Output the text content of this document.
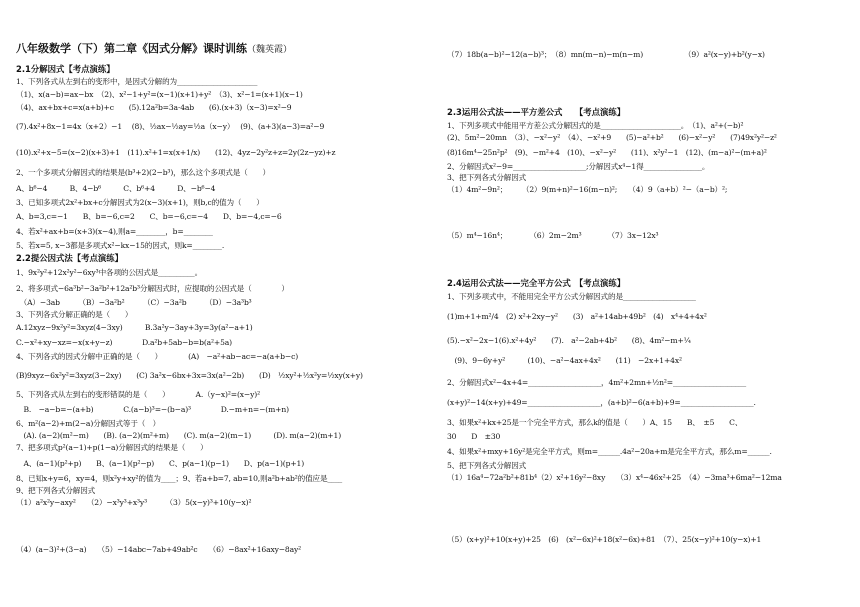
八年级数学（下）第二章《因式分解》课时训练（魏英霞）
2.1分解因式【考点演练】
1、下列各式从左到右的变形中，是因式分解的为______________________
（1)、x(a−b)=ax−bx　（2)、x²−1+y²=(x−1)(x+1)+y²　（3)、x²−1=(x+1)(x−1)
（4)、ax+bx+c=x(a+b)+c　　(5).12a²b=3a·4ab　　(6).(x+3)（x−3)=x²−9
(7).4x²+8x−1=4x（x+2）−1　 (8)、½ax−½ay=½a（x−y）　 (9)、(a+3)(a−3)=a²−9
(10).x²+x−5=(x−2)(x+3)+1　(11).x²+1=x(x+1/x)　　(12)、4yz−2y²z+z=2y(2z−yz)+z
2、一个多项式分解因式的结果是(b³+2)(2−b³)，那么这个多项式是（　　）
A、b⁶−4　　　B、4−b⁶　　　C、b⁶+4　　　D、−b⁶−4
3、已知多项式2x²+bx+c分解因式为2(x−3)(x+1)，则b,c的值为（　　）
A、b=3,c=−1　　B、b=−6,c=2　　C、b=−6,c=−4　　D、b=−4,c=−6
4、若x²+ax+b=(x+3)(x−4),则a=________，b=________
5、若x=5, x−3都是多项式x²−kx−15的因式，则k=________.
2.2提公因式法【考点演练】
1、9x²y²+12x²y²−6xy³中各项的公因式是__________。
2、将多项式−6a³b²−3a²b²+12a²b³分解因式时，应提取的公因式是（　　　　）
　（A）−3ab　　　（B）−3a²b²　　　（C）−3a²b　　　（D）−3a³b³
3、下列各式分解正确的是（　　）
A.12xyz−9x²y²=3xyz(4−3xy)　　　B.3a²y−3ay+3y=3y(a²−a+1)
C.−x²+xy−xz=−x(x+y−z)　　　　D.a²b+5ab−b=b(a²+5a)
4、下列各式的因式分解中正确的是（　　）　　　　(A)　−a²+ab−ac=−a(a+b−c)
(B)9xyz−6x²y²=3xyz(3−2xy)　　(C) 3a²x−6bx+3x=3x(a²−2b)　　(D)　½xy²+½x²y=½xy(x+y)
5、下列各式从左到右的变形错误的是（　　）　　　　A.（y−x)²=(x−y)²
　B.　−a−b=−(a+b)　　　　C.(a−b)³=−(b−a)³　　　　D.−m+n=−(m+n)
6、m²(a−2)+m(2−a)分解因式等于（　）
　(A). (a−2)(m²−m)　　(B). (a−2)(m²+m)　　(C). m(a−2)(m−1)　　　(D). m(a−2)(m+1)
7、把多项式p²(a−1)+p(1−a)分解因式的结果是（　　）
　A、(a−1)(p²+p)　　B、(a−1)(p²−p)　　C、p(a−1)(p−1)　　D、p(a−1)(p+1)
8、已知x+y=6，xy=4，则x²y+xy²的值为____；9、若a+b=7, ab=10,则a²b+ab²的值应是____
9、把下列各式分解因式
（1）a²x²y−axy²　　（2）−x³y³+x³y³　　　（3）5(x−y)³+10(y−x)²
（4）(a−3)²+(3−a)　　（5）−14abc−7ab+49ab²c　　（6）−8ax²+16axy−8ay²
（7）18b(a−b)²−12(a−b)³；　（8）mn(m−n)−m(n−m)　　　　　　（9）a²(x−y)+b²(y−x)
2.3运用公式法——平方差公式　　【考点演练】
1、下列多项式中能用平方差公式分解因式的是______________________。　（1)、a²+(−b)²
(2)、5m²−20mn　（3）、−x²−y²　（4）、−x²+9　　(5)−a²+b²　　(6)−x²−y²　　(7)49x²y²−z²
(8)16m⁴−25n²p²　(9)、−m²+4　(10)、−x²−y²　　(11)、x²y²−1　(12)、(m−a)²−(m+a)²
2、分解因式x²−9=____________________;分解因式x⁴−1得________________。
3、把下列各式分解因式
（1）4m²−9n²；　　　（2）9(m+n)²−16(m−n)²;　　（4）9（a+b）²−（a−b）²;
（5）m⁴−16n⁴；　　　　（6）2m−2m³　　　　（7）3x−12x³
2.4运用公式法——完全平方公式　【考点演练】
1、下列多项式中，不能用完全平方公式分解因式的是____________________
(1)m+1+m²/4　(2) x²+2xy−y²　　(3)　a²+14ab+49b²　(4)　x⁴+4+4x²
(5).−x²−2x−1(6).x²+4y²　　(7).　a²−2ab+4b²　　(8)、4m²−m+¼
　(9)、9−6y+y²　　　(10)、−a²−4ax+4x²　　(11)　−2x+1+4x²
2、分解因式x²−4x+4=____________________，4m²+2mn+½n²=____________________
(x+y)²−14(x+y)+49=____________________，(a+b)²−6(a+b)+9=____________________.
3、如果x²+kx+25是一个完全平方式，那么k的值是（　　）A、15　　B、　±5　　C、
30　　D　±30
4、如果x²+mxy+16y²是完全平方式，则m=______.4a²−20a+m是完全平方式，那么m=______.
5、把下列各式分解因式
（1）16a⁴−72a²b²+81b⁴（2）x²+16y²−8xy　　（3）x⁴−46x²+25　（4）−3ma³+6ma²−12ma
（5）(x+y)²+10(x+y)+25　(6)　(x²−6x)²+18(x²−6x)+81　（7）、25(x−y)²+10(y−x)+1
